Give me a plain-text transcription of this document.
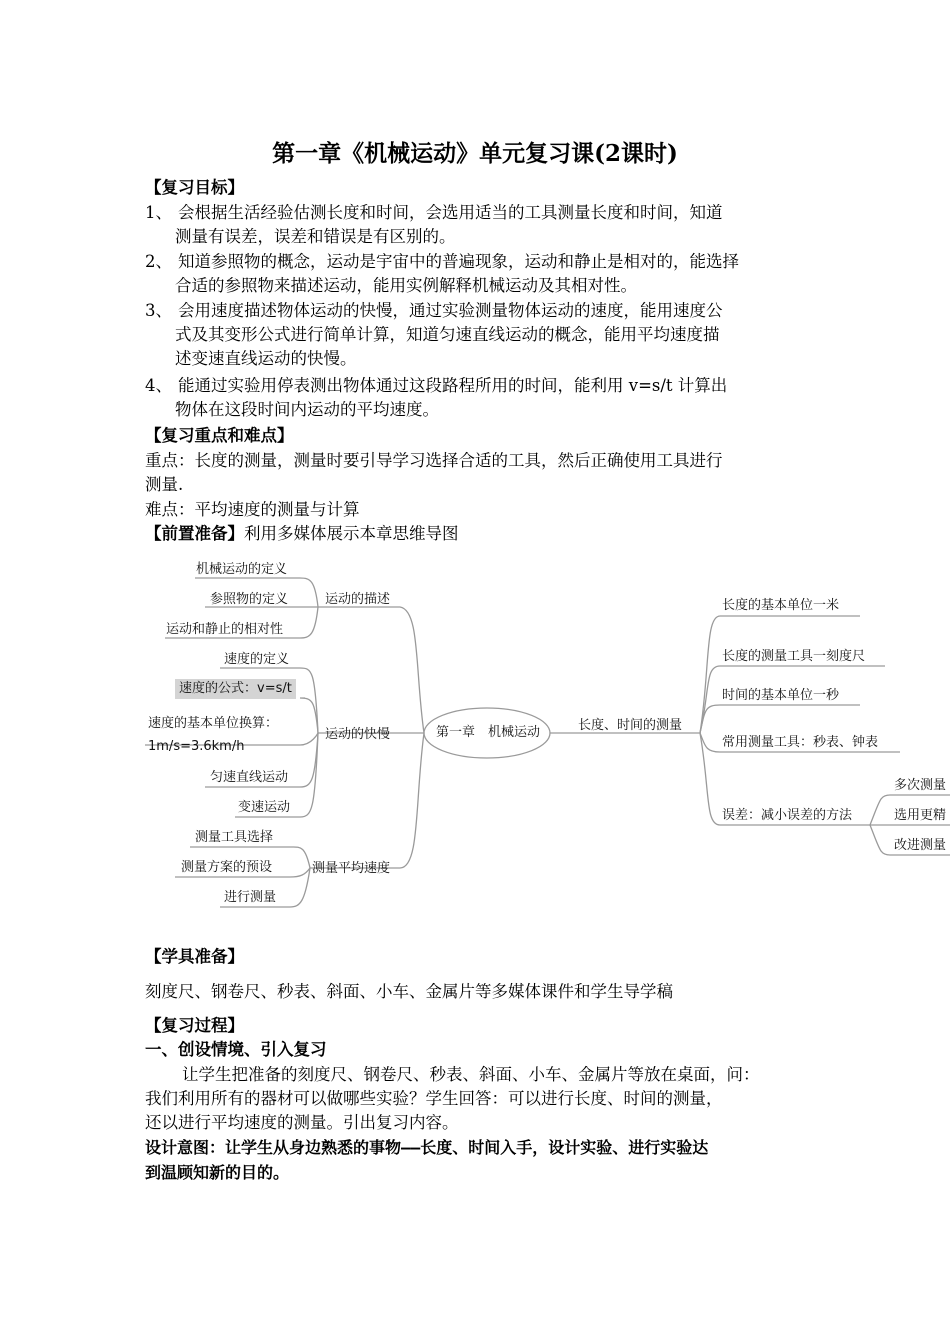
第一章《机械运动》单元复习课(2课时)
【复习目标】
1、 会根据生活经验估测长度和时间，会选用适当的工具测量长度和时间，知道
测量有误差，误差和错误是有区别的。
2、 知道参照物的概念，运动是宇宙中的普遍现象，运动和静止是相对的，能选择
合适的参照物来描述运动，能用实例解释机械运动及其相对性。
3、 会用速度描述物体运动的快慢，通过实验测量物体运动的速度，能用速度公
式及其变形公式进行简单计算，知道匀速直线运动的概念，能用平均速度描
述变速直线运动的快慢。
4、 能通过实验用停表测出物体通过这段路程所用的时间，能利用 v=s/t 计算出
物体在这段时间内运动的平均速度。
【复习重点和难点】
重点：长度的测量，测量时要引导学习选择合适的工具，然后正确使用工具进行
测量.
难点：平均速度的测量与计算
【前置准备】利用多媒体展示本章思维导图
第一章　机械运动
运动的描述
机械运动的定义
参照物的定义
运动和静止的相对性
运动的快慢
速度的定义
速度的公式：v=s/t
速度的基本单位换算：
1m/s=3.6km/h
匀速直线运动
变速运动
测量平均速度
测量工具选择
测量方案的预设
进行测量
长度、时间的测量
长度的基本单位一米
长度的测量工具一刻度尺
时间的基本单位一秒
常用测量工具：秒表、钟表
误差：减小误差的方法
多次测量
选用更精
改进测量
【学具准备】
刻度尺、钢卷尺、秒表、斜面、小车、金属片等多媒体课件和学生导学稿
【复习过程】
一、创设情境、引入复习
让学生把准备的刻度尺、钢卷尺、秒表、斜面、小车、金属片等放在桌面，问：
我们利用所有的器材可以做哪些实验？学生回答：可以进行长度、时间的测量，
还以进行平均速度的测量。引出复习内容。
设计意图：让学生从身边熟悉的事物——长度、时间入手，设计实验、进行实验达
到温顾知新的目的。
